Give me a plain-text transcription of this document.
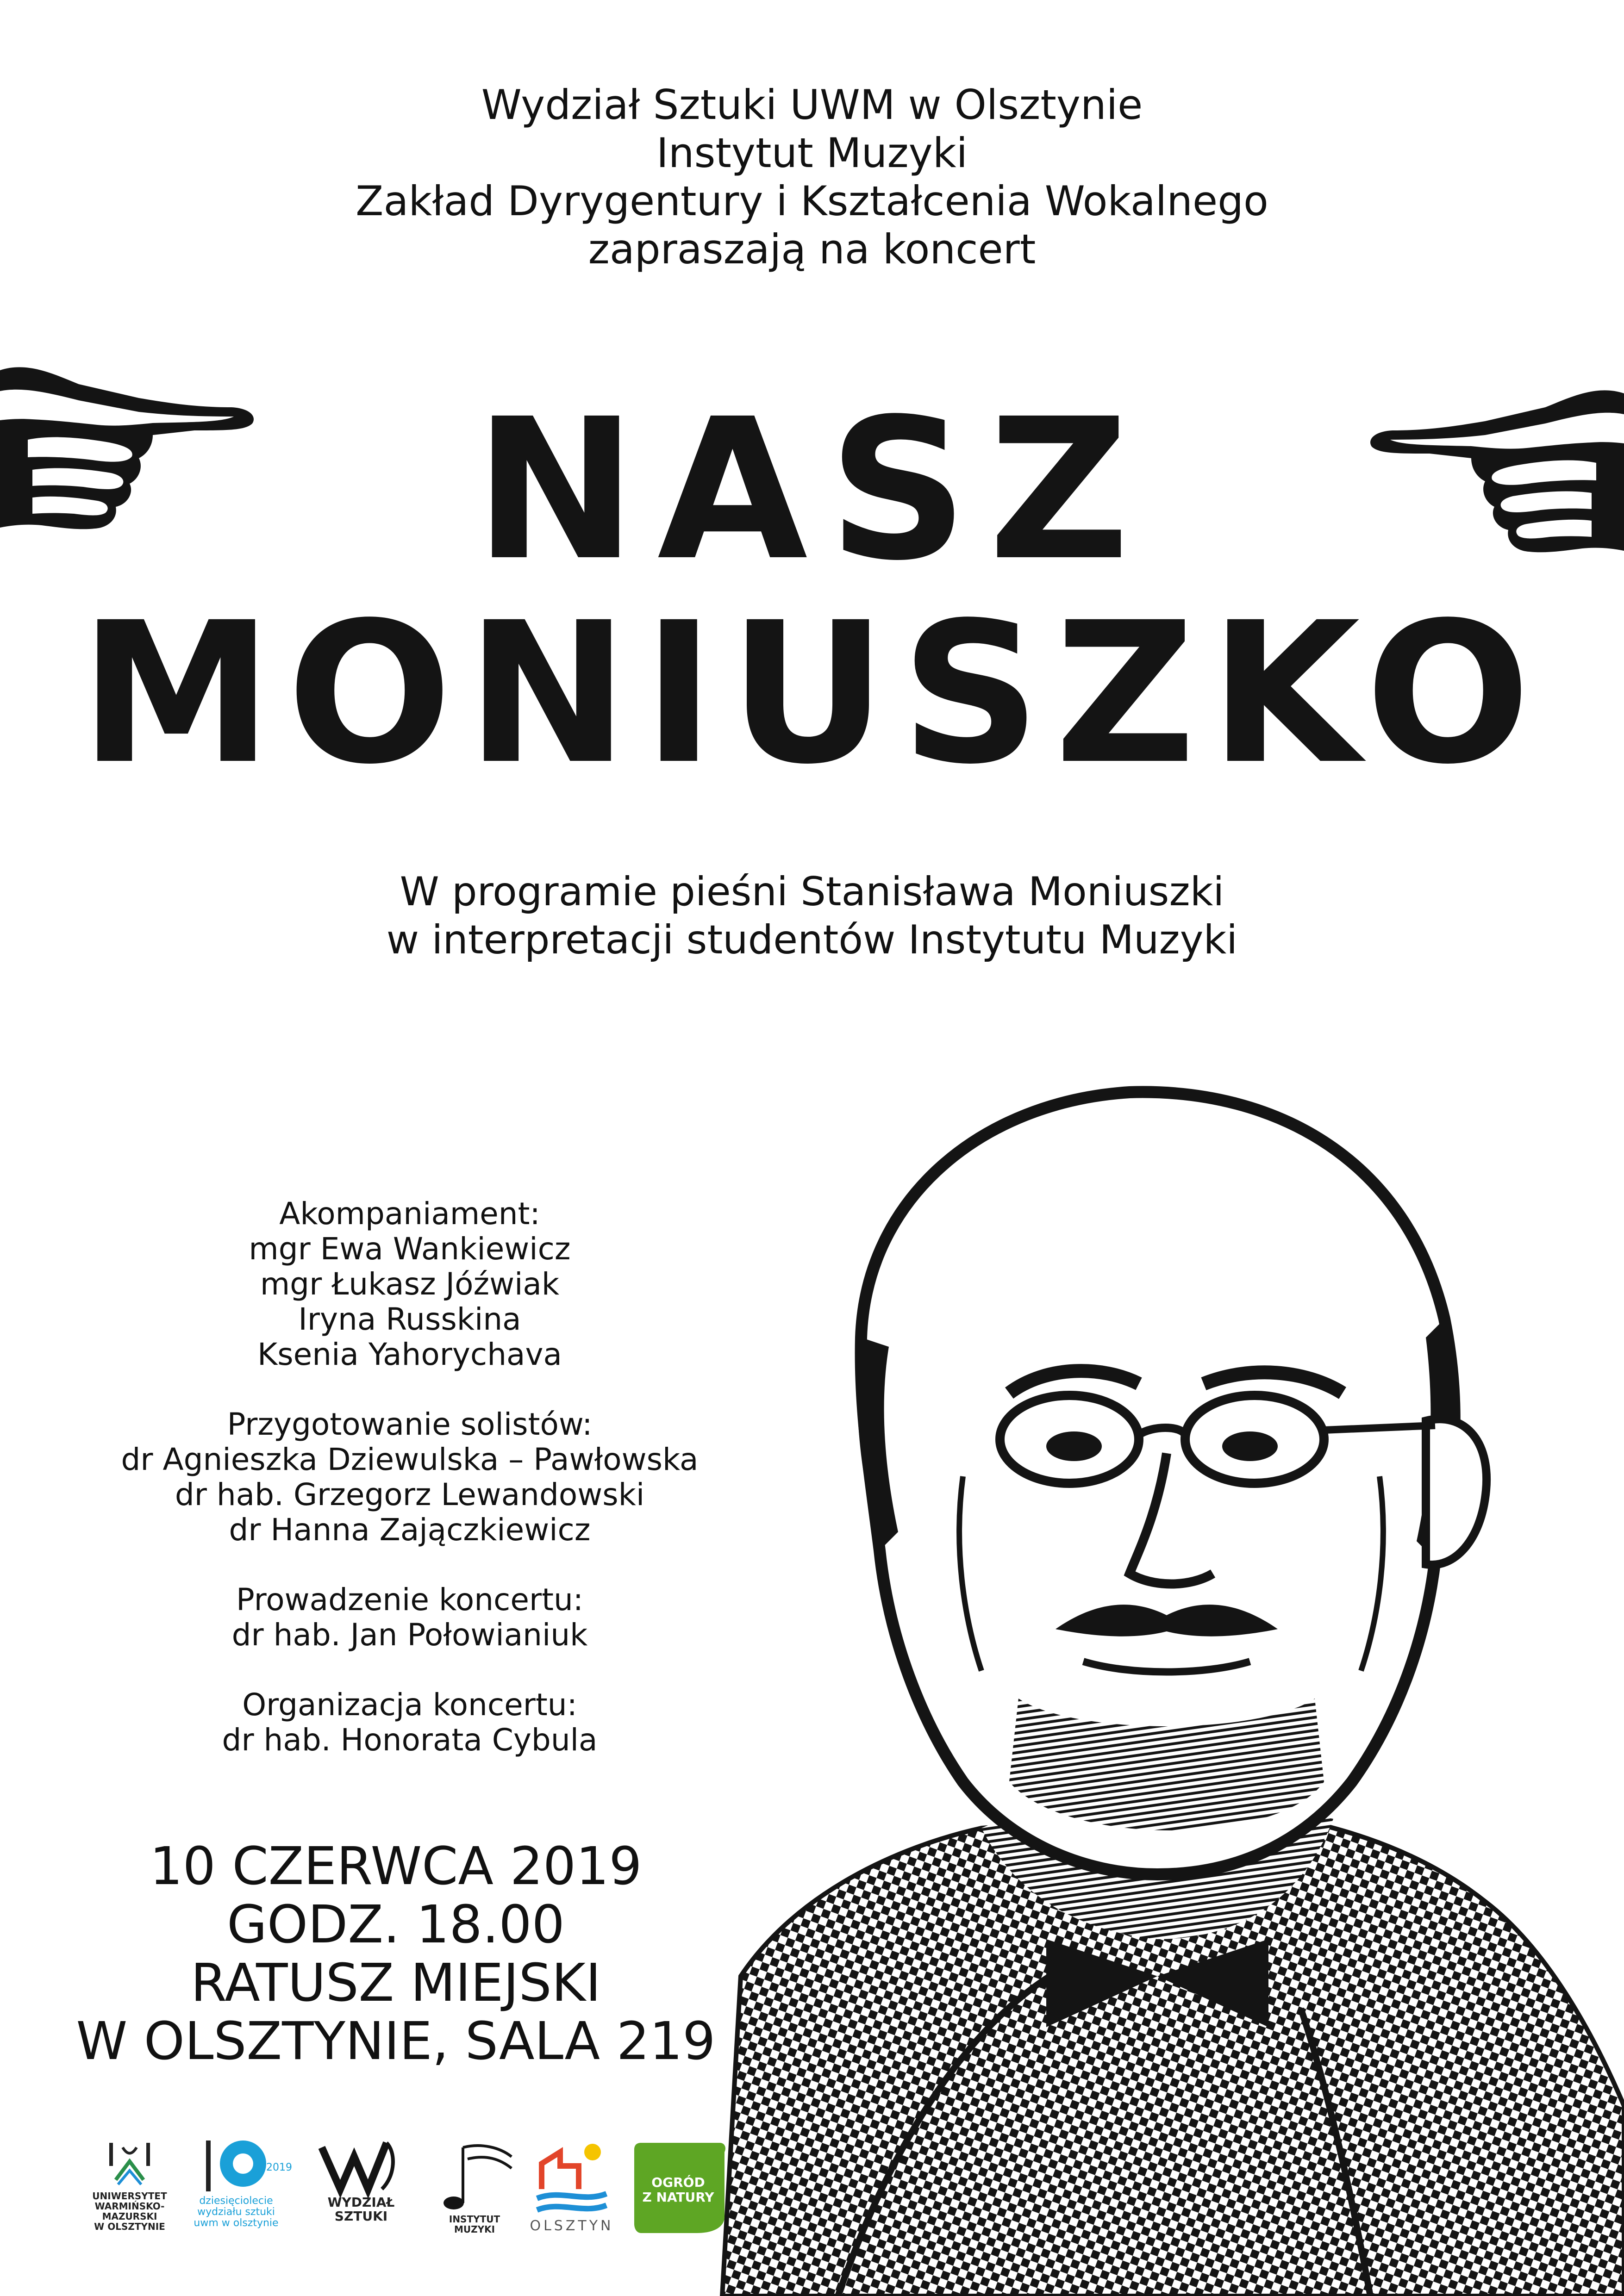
Wydział Sztuki UWM w Olsztynie
Instytut Muzyki
Zakład Dyrygentury i Kształcenia Wokalnego
zapraszają na koncert
NASZ
MONIUSZKO
W programie pieśni Stanisława Moniuszki
w interpretacji studentów Instytutu Muzyki
Akompaniament:
mgr Ewa Wankiewicz
mgr Łukasz Jóźwiak
Iryna Russkina
Ksenia Yahorychava
Przygotowanie solistów:
dr Agnieszka Dziewulska – Pawłowska
dr hab. Grzegorz Lewandowski
dr Hanna Zajączkiewicz
Prowadzenie koncertu:
dr hab. Jan Połowianiuk
Organizacja koncertu:
dr hab. Honorata Cybula
10 CZERWCA 2019
GODZ. 18.00
RATUSZ MIEJSKI
W OLSZTYNIE, SALA 219
UNIWERSYTET
WARMIŃSKO-MAZURSKI
W OLSZTYNIE
2019
dziesięciolecie
wydziału sztuki
uwm w olsztynie
WYDZIAŁ
SZTUKI	INSTYTUT
MUZYKI	OLSZTYN
OGRÓD
Z NATURY
